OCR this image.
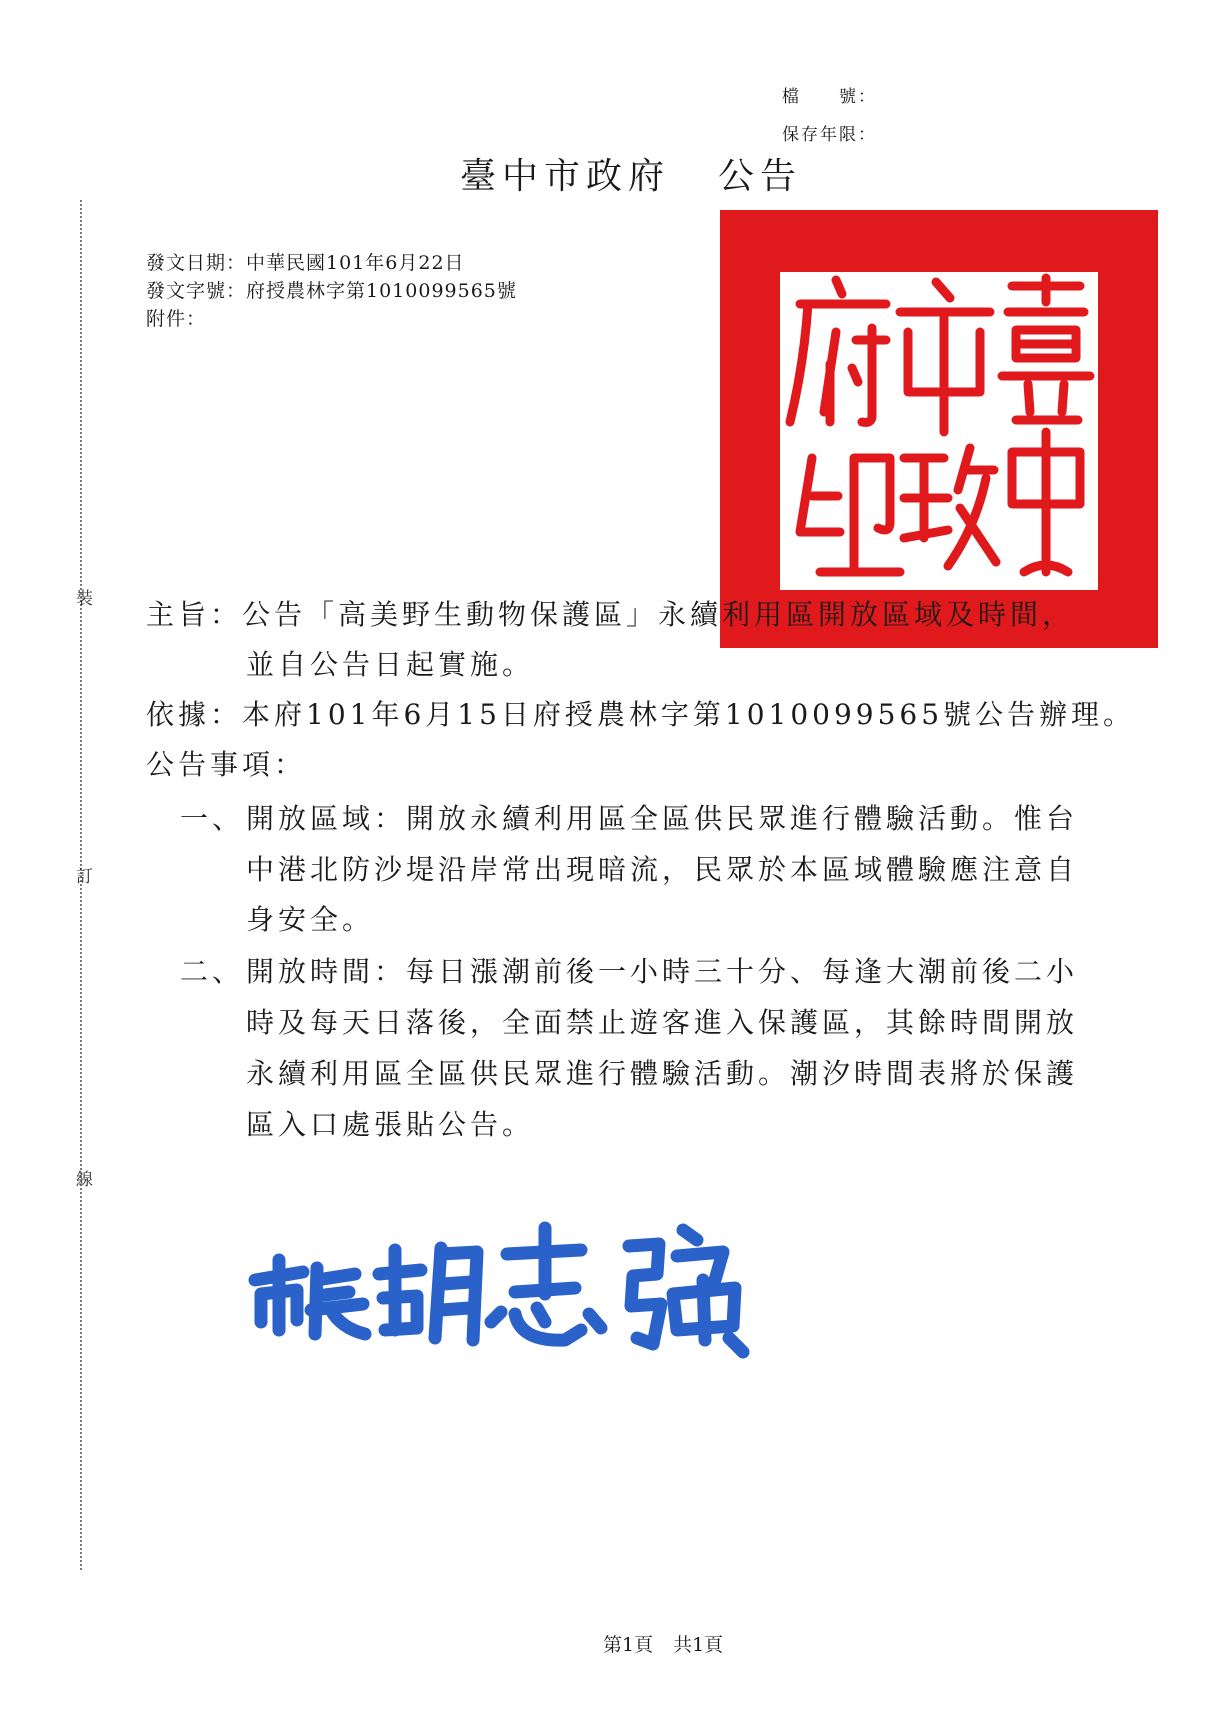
裝
訂
線
檔　　號：
保存年限：
臺中市政府 公告
發文日期：中華民國101年6月22日
發文字號：府授農林字第1010099565號
附件：
主旨：公告「高美野生動物保護區」永續利用區開放區域及時間，
並自公告日起實施。
依據：本府101年6月15日府授農林字第1010099565號公告辦理。
公告事項：
一、 開放區域：開放永續利用區全區供民眾進行體驗活動。惟台
中港北防沙堤沿岸常出現暗流，民眾於本區域體驗應注意自
身安全。
二、 開放時間：每日漲潮前後一小時三十分、每逢大潮前後二小
時及每天日落後，全面禁止遊客進入保護區，其餘時間開放
永續利用區全區供民眾進行體驗活動。潮汐時間表將於保護
區入口處張貼公告。
第1頁 共1頁
